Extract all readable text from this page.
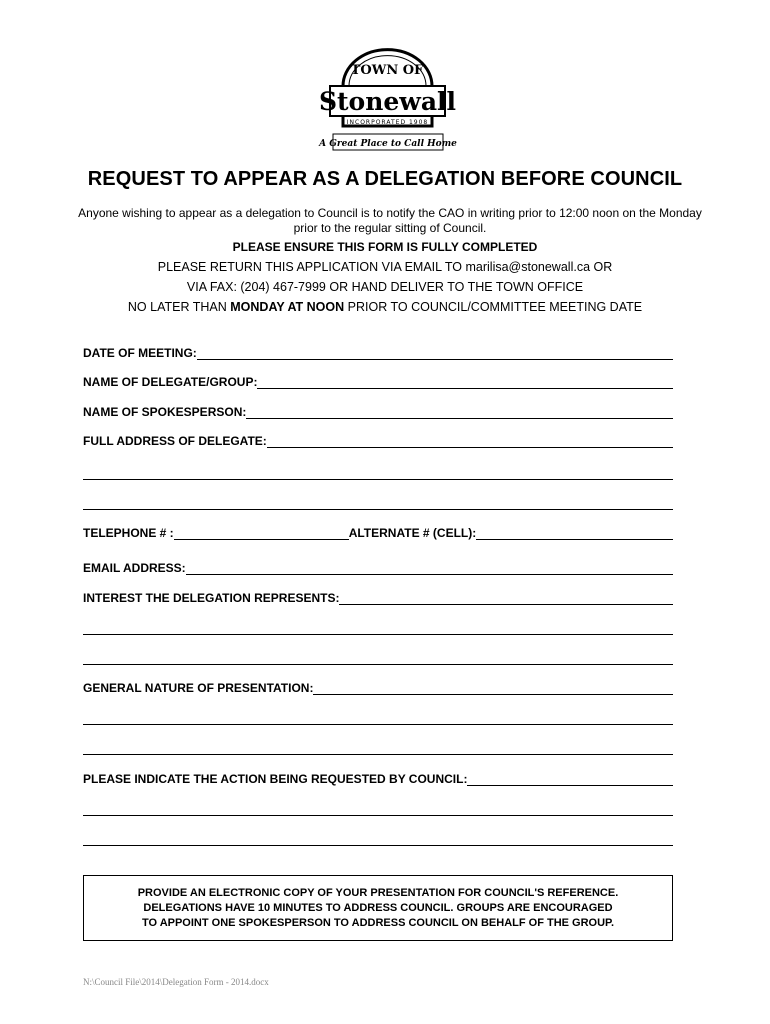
TOWN OF
Stonewall
INCORPORATED 1908
A Great Place to Call Home
REQUEST TO APPEAR AS A DELEGATION BEFORE COUNCIL
Anyone wishing to appear as a delegation to Council is to notify the CAO in writing prior to 12:00 noon on the Monday prior to the regular sitting of Council.
PLEASE ENSURE THIS FORM IS FULLY COMPLETED
PLEASE RETURN THIS APPLICATION VIA EMAIL TO marilisa@stonewall.ca OR
VIA FAX: (204) 467-7999 OR HAND DELIVER TO THE TOWN OFFICE
NO LATER THAN MONDAY AT NOON PRIOR TO COUNCIL/COMMITTEE MEETING DATE
DATE OF MEETING:
NAME OF DELEGATE/GROUP:
NAME OF SPOKESPERSON:
FULL ADDRESS OF DELEGATE:
TELEPHONE # :	ALTERNATE # (CELL):
EMAIL ADDRESS:
INTEREST THE DELEGATION REPRESENTS:
GENERAL NATURE OF PRESENTATION:
PLEASE INDICATE THE ACTION BEING REQUESTED BY COUNCIL:
PROVIDE AN ELECTRONIC COPY OF YOUR PRESENTATION FOR COUNCIL'S REFERENCE.
DELEGATIONS HAVE 10 MINUTES TO ADDRESS COUNCIL. GROUPS ARE ENCOURAGED
TO APPOINT ONE SPOKESPERSON TO ADDRESS COUNCIL ON BEHALF OF THE GROUP.
N:\Council File\2014\Delegation Form - 2014.docx
